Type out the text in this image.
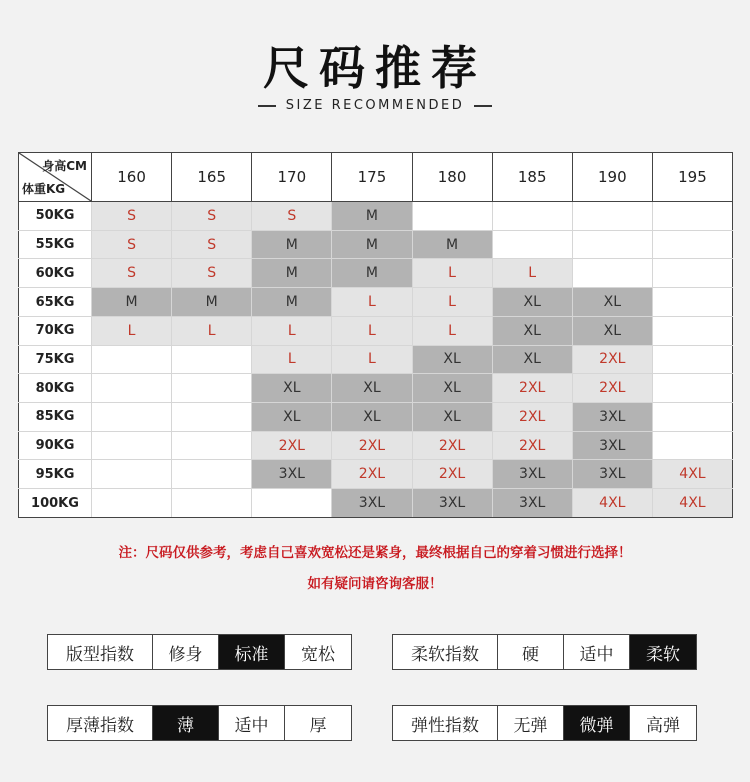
尺码推荐
SIZE RECOMMENDED
身高CM
体重KG	160	165	170	175	180	185	190	195
50KG	S	S	S	M				
55KG	S	S	M	M	M			
60KG	S	S	M	M	L	L		
65KG	M	M	M	L	L	XL	XL	
70KG	L	L	L	L	L	XL	XL	
75KG			L	L	XL	XL	2XL	
80KG			XL	XL	XL	2XL	2XL	
85KG			XL	XL	XL	2XL	3XL	
90KG			2XL	2XL	2XL	2XL	3XL	
95KG			3XL	2XL	2XL	3XL	3XL	4XL
100KG				3XL	3XL	3XL	4XL	4XL
注：尺码仅供参考，考虑自己喜欢宽松还是紧身，最终根据自己的穿着习惯进行选择！
如有疑问请咨询客服！
版型指数	修身	标准	宽松	柔软指数	硬	适中	柔软
厚薄指数	薄	适中	厚	弹性指数	无弹	微弹	高弹
